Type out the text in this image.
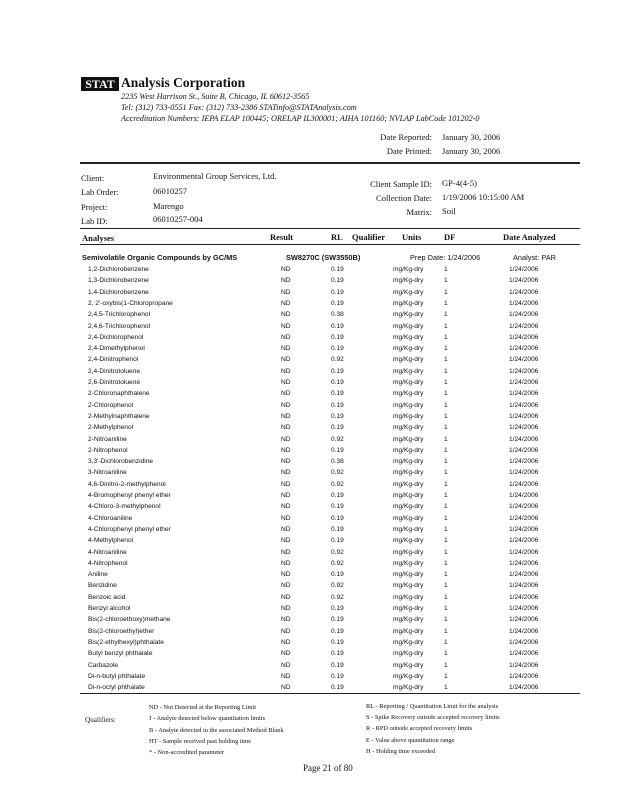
STAT Analysis Corporation
2235 West Harrison St., Suite B, Chicago, IL 60612-3565
Tel: (312) 733-0551 Fax: (312) 733-2386 STATinfo@STATAnalysis.com
Accreditation Numbers: IEPA ELAP 100445; ORELAP IL300001; AIHA 101160; NVLAP LabCode 101202-0
Date Reported: January 30, 2006
Date Printed: January 30, 2006
Client:	Environmental Group Services, Ltd.
Lab Order:	06010257
Project:	Marengo
Lab ID:	06010257-004
Client Sample ID: GP-4(4-5)
Collection Date: 1/19/2006 10:15:00 AM
Matrix: Soil
Analyses	Result	RL Qualifier Units	DF	Date Analyzed
Semivolatile Organic Compounds by GC/MS	SW8270C (SW3550B)	Prep Date: 1/24/2006	Analyst: PAR
1,2-Dichlorobenzene	ND	0.19	mg/Kg-dry	1	1/24/2006
1,3-Dichlorobenzene	ND	0.19	mg/Kg-dry	1	1/24/2006
1,4-Dichlorobenzene	ND	0.19	mg/Kg-dry	1	1/24/2006
2, 2'-oxybis(1-Chloropropane	ND	0.19	mg/Kg-dry	1	1/24/2006
2,4,5-Trichlorophenol	ND	0.38	mg/Kg-dry	1	1/24/2006
2,4,6-Trichlorophenol	ND	0.19	mg/Kg-dry	1	1/24/2006
2,4-Dichlorophenol	ND	0.19	mg/Kg-dry	1	1/24/2006
2,4-Dimethylphenol	ND	0.19	mg/Kg-dry	1	1/24/2006
2,4-Dinitrophenol	ND	0.92	mg/Kg-dry	1	1/24/2006
2,4-Dinitrotoluene	ND	0.19	mg/Kg-dry	1	1/24/2006
2,6-Dinitrotoluene	ND	0.19	mg/Kg-dry	1	1/24/2006
2-Chloronaphthalene	ND	0.19	mg/Kg-dry	1	1/24/2006
2-Chlorophenol	ND	0.19	mg/Kg-dry	1	1/24/2006
2-Methylnaphthalene	ND	0.19	mg/Kg-dry	1	1/24/2006
2-Methylphenol	ND	0.19	mg/Kg-dry	1	1/24/2006
2-Nitroaniline	ND	0.92	mg/Kg-dry	1	1/24/2006
2-Nitrophenol	ND	0.19	mg/Kg-dry	1	1/24/2006
3,3'-Dichlorobenzidine	ND	0.38	mg/Kg-dry	1	1/24/2006
3-Nitroaniline	ND	0.92	mg/Kg-dry	1	1/24/2006
4,6-Dinitro-2-methylphenol	ND	0.92	mg/Kg-dry	1	1/24/2006
4-Bromophenyl phenyl ether	ND	0.19	mg/Kg-dry	1	1/24/2006
4-Chloro-3-methylphenol	ND	0.19	mg/Kg-dry	1	1/24/2006
4-Chloroaniline	ND	0.19	mg/Kg-dry	1	1/24/2006
4-Chlorophenyl phenyl ether	ND	0.19	mg/Kg-dry	1	1/24/2006
4-Methylphenol	ND	0.19	mg/Kg-dry	1	1/24/2006
4-Nitroaniline	ND	0.92	mg/Kg-dry	1	1/24/2006
4-Nitrophenol	ND	0.92	mg/Kg-dry	1	1/24/2006
Aniline	ND	0.19	mg/Kg-dry	1	1/24/2006
Benzidine	ND	0.92	mg/Kg-dry	1	1/24/2006
Benzoic acid	ND	0.92	mg/Kg-dry	1	1/24/2006
Benzyl alcohol	ND	0.19	mg/Kg-dry	1	1/24/2006
Bis(2-chloroethoxy)methane	ND	0.19	mg/Kg-dry	1	1/24/2006
Bis(2-chloroethyl)ether	ND	0.19	mg/Kg-dry	1	1/24/2006
Bis(2-ethylhexyl)phthalate	ND	0.19	mg/Kg-dry	1	1/24/2006
Butyl benzyl phthalate	ND	0.19	mg/Kg-dry	1	1/24/2006
Carbazole	ND	0.19	mg/Kg-dry	1	1/24/2006
Di-n-butyl phthalate	ND	0.19	mg/Kg-dry	1	1/24/2006
Di-n-octyl phthalate	ND	0.19	mg/Kg-dry	1	1/24/2006
Qualifiers:
ND - Not Detected at the Reporting Limit
J - Analyte detected below quantitation limits
B - Analyte detected in the associated Method Blank
HT - Sample received past holding time
* - Non-accredited parameter
RL - Reporting / Quantitation Limit for the analysis
S - Spike Recovery outside accepted recovery limits
R - RPD outside accepted recovery limits
E - Value above quantitation range
H - Holding time exceeded
Page 21 of 80
